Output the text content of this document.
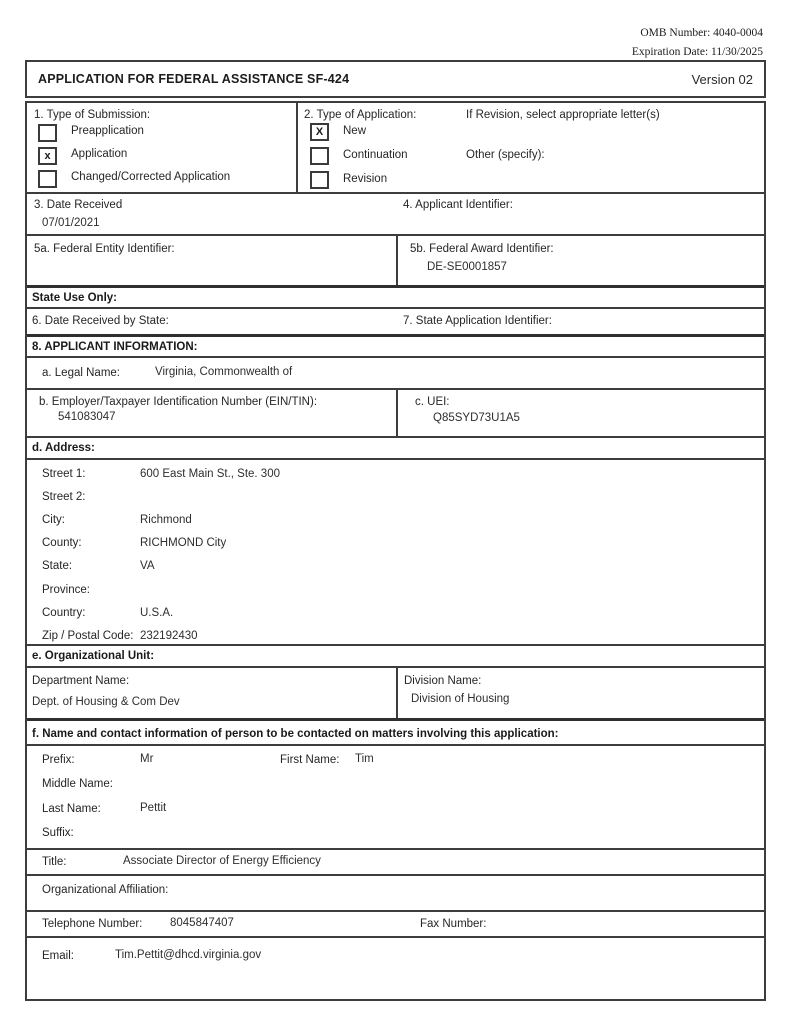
OMB Number: 4040-0004
Expiration Date: 11/30/2025
APPLICATION FOR FEDERAL ASSISTANCE SF-424	Version 02
1. Type of Submission:
Preapplication
x	Application
Changed/Corrected Application
2. Type of Application:	If Revision, select appropriate letter(s)
X	New
Continuation	Other (specify):
Revision
3. Date Received
07/01/2021
4. Applicant Identifier:
5a. Federal Entity Identifier:	5b. Federal Award Identifier:
DE-SE0001857
State Use Only:
6. Date Received by State:	7. State Application Identifier:
8. APPLICANT INFORMATION:
a. Legal Name:	Virginia, Commonwealth of
b. Employer/Taxpayer Identification Number (EIN/TIN):
541083047
c. UEI:
Q85SYD73U1A5
d. Address:
Street 1:	600 East Main St., Ste. 300
Street 2:
City:	Richmond
County:	RICHMOND City
State:	VA
Province:
Country:	U.S.A.
Zip / Postal Code: 232192430
e. Organizational Unit:
Department Name:
Dept. of Housing & Com Dev
Division Name:
Division of Housing
f. Name and contact information of person to be contacted on matters involving this application:
Prefix:	Mr	First Name: Tim
Middle Name:
Last Name:	Pettit
Suffix:
Title:	Associate Director of Energy Efficiency
Organizational Affiliation:
Telephone Number: 8045847407	Fax Number:
Email:	Tim.Pettit@dhcd.virginia.gov
